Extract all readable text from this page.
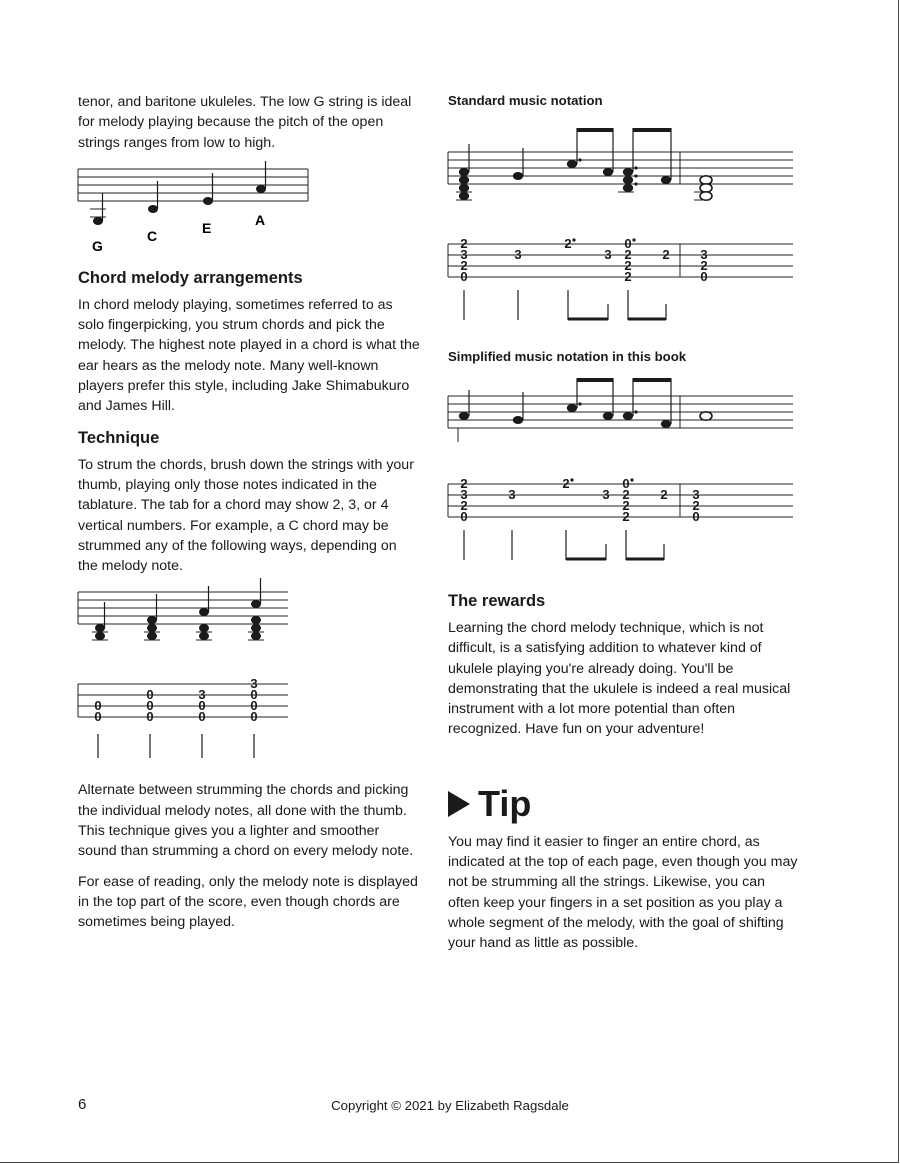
tenor, and baritone ukuleles. The low G string is ideal for melody playing because the pitch of the open strings ranges from low to high.

G
C	E	A
Chord melody arrangements

In chord melody playing, sometimes referred to as solo fingerpicking, you strum chords and pick the melody. The highest note played in a chord is what the ear hears as the melody note. Many well-known players prefer this style, including Jake Shimabukuro and James Hill.

Technique

To strum the chords, brush down the strings with your thumb, playing only those notes indicated in the tablature. The tab for a chord may show 2, 3, or 4 vertical numbers. For example, a C chord may be strummed any of the following ways, depending on the melody note.

0
0
0
0
0
3
0
0
3
0
0
0

Alternate between strumming the chords and picking the individual melody notes, all done with the thumb. This technique gives you a lighter and smoother sound than strumming a chord on every melody note.

For ease of reading, only the melody note is displayed in the top part of the score, even though chords are sometimes being played.

Standard music notation
2
3
2
0
3
2
3
0
2
2
2
2 3
2
0
Simplified music notation in this book
2
3
2
0
3
2
3
0
2
2
2
2 3
2
0
The rewards

Learning the chord melody technique, which is not difficult, is a satisfying addition to whatever kind of ukulele playing you're already doing. You'll be demonstrating that the ukulele is indeed a real musical instrument with a lot more potential than often recognized. Have fun on your adventure!

Tip

You may find it easier to finger an entire chord, as indicated at the top of each page, even though you may not be strumming all the strings. Likewise, you can often keep your fingers in a set position as you play a whole segment of the melody, with the goal of shifting your hand as little as possible.

6	Copyright © 2021 by Elizabeth Ragsdale
